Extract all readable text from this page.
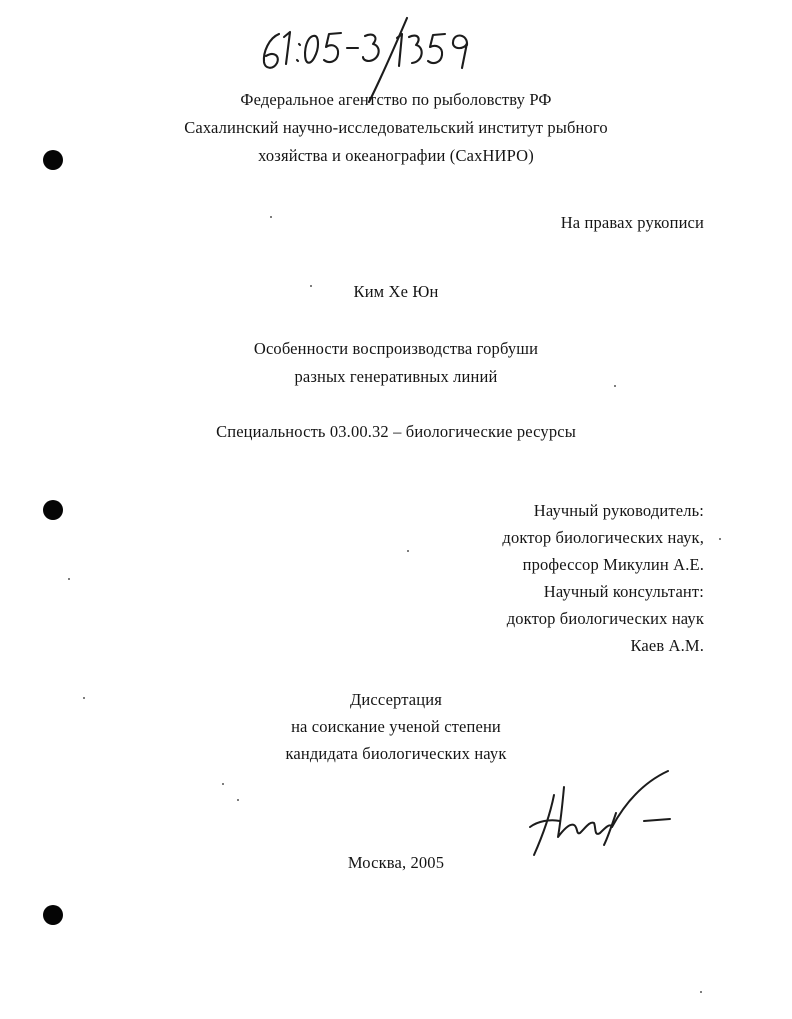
Федеральное агентство по рыболовству РФ
Сахалинский научно-исследовательский институт рыбного
хозяйства и океанографии (СахНИРО)
На правах рукописи
Ким Хе Юн
Особенности воспроизводства горбуши
разных генеративных линий
Специальность 03.00.32 – биологические ресурсы
Научный руководитель:
доктор биологических наук,
профессор Микулин А.Е.
Научный консультант:
доктор биологических наук
Каев А.М.
Диссертация
на соискание ученой степени
кандидата биологических наук
Москва, 2005
